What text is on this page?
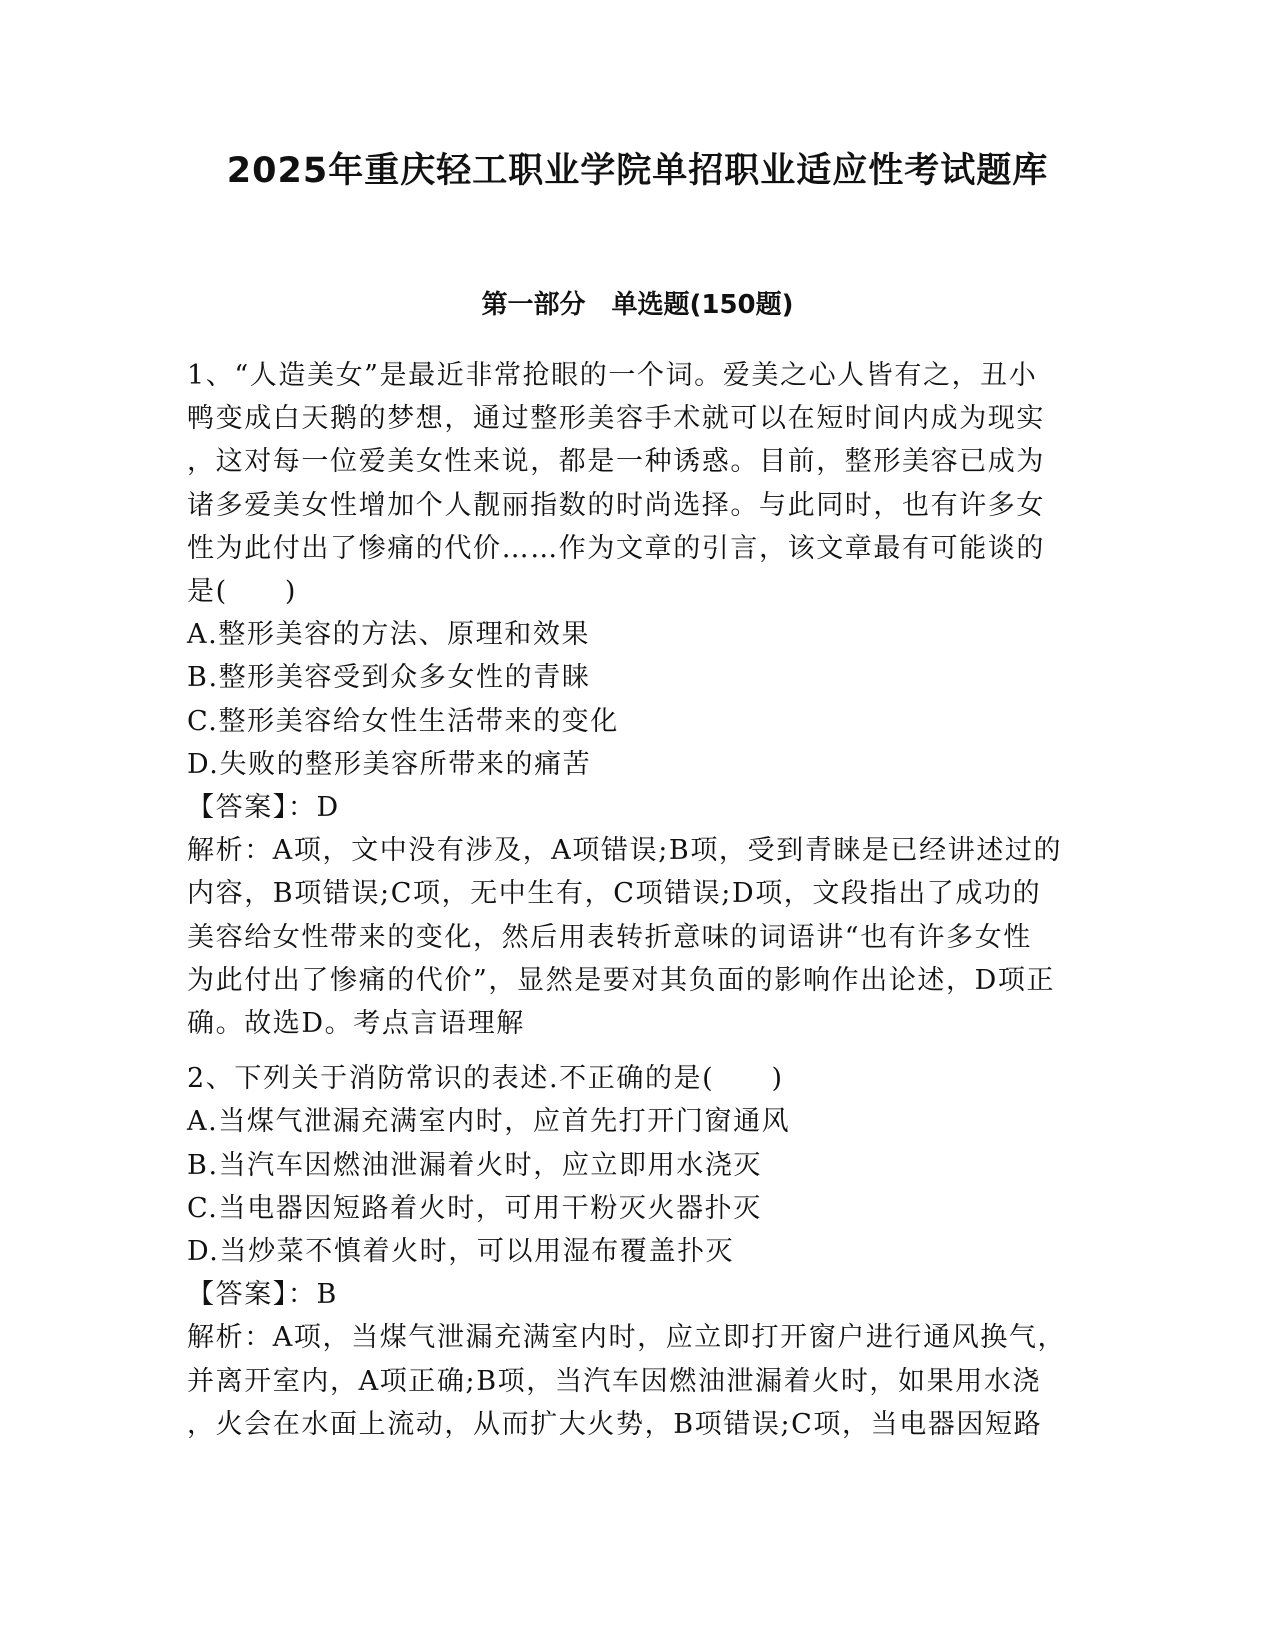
2025年重庆轻工职业学院单招职业适应性考试题库
第一部分　单选题(150题)

1、“人造美女”是最近非常抢眼的一个词。爱美之心人皆有之，丑小
鸭变成白天鹅的梦想，通过整形美容手术就可以在短时间内成为现实
，这对每一位爱美女性来说，都是一种诱惑。目前，整形美容已成为
诸多爱美女性增加个人靓丽指数的时尚选择。与此同时，也有许多女
性为此付出了惨痛的代价……作为文章的引言，该文章最有可能谈的
是(　　)

A.整形美容的方法、原理和效果
B.整形美容受到众多女性的青睐
C.整形美容给女性生活带来的变化
D.失败的整形美容所带来的痛苦

【答案】：D

解析：A项，文中没有涉及，A项错误;B项，受到青睐是已经讲述过的
内容，B项错误;C项，无中生有，C项错误;D项，文段指出了成功的
美容给女性带来的变化，然后用表转折意味的词语讲“也有许多女性
为此付出了惨痛的代价”，显然是要对其负面的影响作出论述，D项正
确。故选D。考点言语理解

2、下列关于消防常识的表述.不正确的是(　　)

A.当煤气泄漏充满室内时，应首先打开门窗通风
B.当汽车因燃油泄漏着火时，应立即用水浇灭
C.当电器因短路着火时，可用干粉灭火器扑灭
D.当炒菜不慎着火时，可以用湿布覆盖扑灭

【答案】：B

解析：A项，当煤气泄漏充满室内时，应立即打开窗户进行通风换气，
并离开室内，A项正确;B项，当汽车因燃油泄漏着火时，如果用水浇
，火会在水面上流动，从而扩大火势，B项错误;C项，当电器因短路
